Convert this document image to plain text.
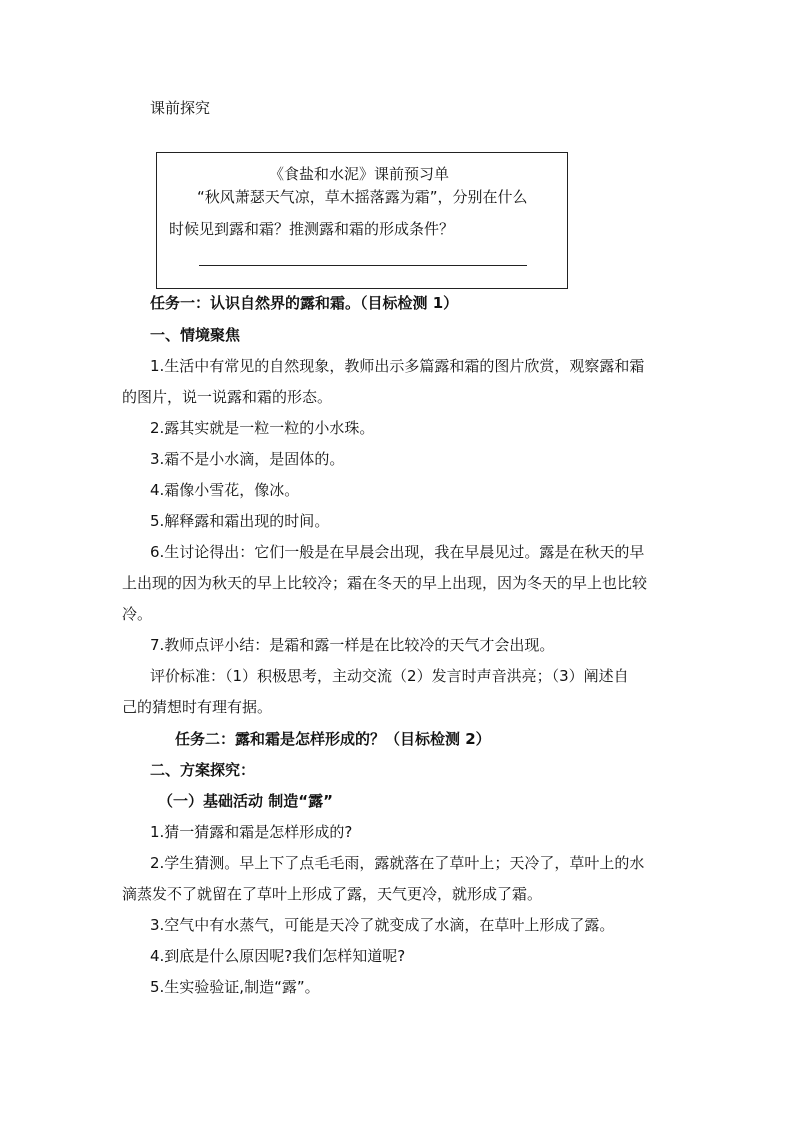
课前探究
《食盐和水泥》课前预习单
“秋风萧瑟天气凉，草木摇落露为霜”，分别在什么
时候见到露和霜？推测露和霜的形成条件？
任务一：认识自然界的露和霜。（目标检测 1）
一、情境聚焦
1.生活中有常见的自然现象，教师出示多篇露和霜的图片欣赏，观察露和霜
的图片，说一说露和霜的形态。
2.露其实就是一粒一粒的小水珠。
3.霜不是小水滴，是固体的。
4.霜像小雪花，像冰。
5.解释露和霜出现的时间。
6.生讨论得出：它们一般是在早晨会出现，我在早晨见过。露是在秋天的早
上出现的因为秋天的早上比较冷；霜在冬天的早上出现，因为冬天的早上也比较
冷。
7.教师点评小结：是霜和露一样是在比较冷的天气才会出现。
评价标准：（1）积极思考，主动交流（2）发言时声音洪亮；（3）阐述自
己的猜想时有理有据。
任务二：露和霜是怎样形成的？（目标检测 2）
二、方案探究：
（一）基础活动 制造“露”
1.猜一猜露和霜是怎样形成的?
2.学生猜测。早上下了点毛毛雨，露就落在了草叶上；天冷了，草叶上的水
滴蒸发不了就留在了草叶上形成了露，天气更冷，就形成了霜。
3.空气中有水蒸气，可能是天冷了就变成了水滴，在草叶上形成了露。
4.到底是什么原因呢?我们怎样知道呢?
5.生实验验证,制造“露”。
